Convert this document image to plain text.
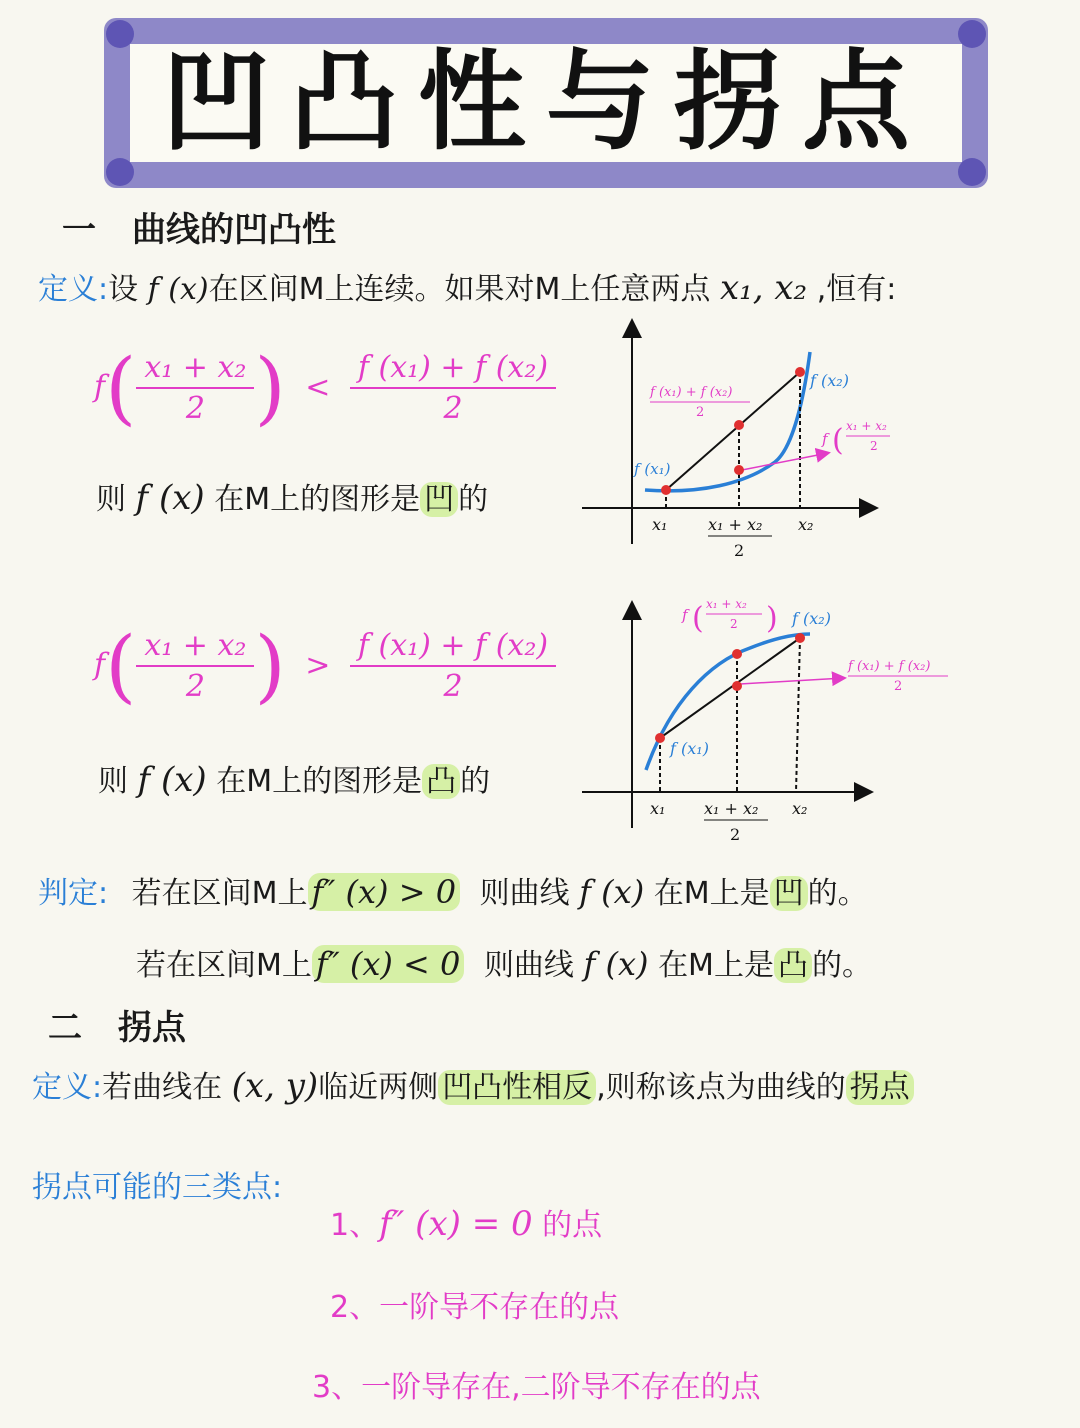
凹凸性与拐点
一 曲线的凹凸性
定义:设 f (x)在区间M上连续。如果对M上任意两点 x₁, x₂ ,恒有:
$f( \frac{\text{x₁ + x₂}}{2}$ ) < $\frac{\text{f (x₁) + f (x₂)}}{2}$
则 f (x) 在M上的图形是 凹 的
f (x₂)
f (x₁) + f (x₂)
2
f ( x₁ + x₂
2
f (x₁)
x₁	x₁ + x₂
2
x₂
$f( \frac{\text{x₁ + x₂}}{2}$ ) > $\frac{\text{f (x₁) + f (x₂)}}{2}$
则 f (x) 在M上的图形是 凸 的
f ( x₁ + x₂
2 ) f (x₂)
f (x₁) + f (x₂)
2
f (x₁)
x₁ x₁ + x₂
2
x₂
判定: 若在区间M上 f″ (x) > 0 则曲线 f (x) 在M上是 凹 的。
若在区间M上 f″ (x) < 0 则曲线 f (x) 在M上是 凸 的。
二 拐点
定义:若曲线在 (x, y)临近两侧 凹凸性相反 ,则称该点为曲线的 拐点
拐点可能的三类点:
1、f″ (x) = 0 的点
2、一阶导不存在的点
3、一阶导存在,二阶导不存在的点
